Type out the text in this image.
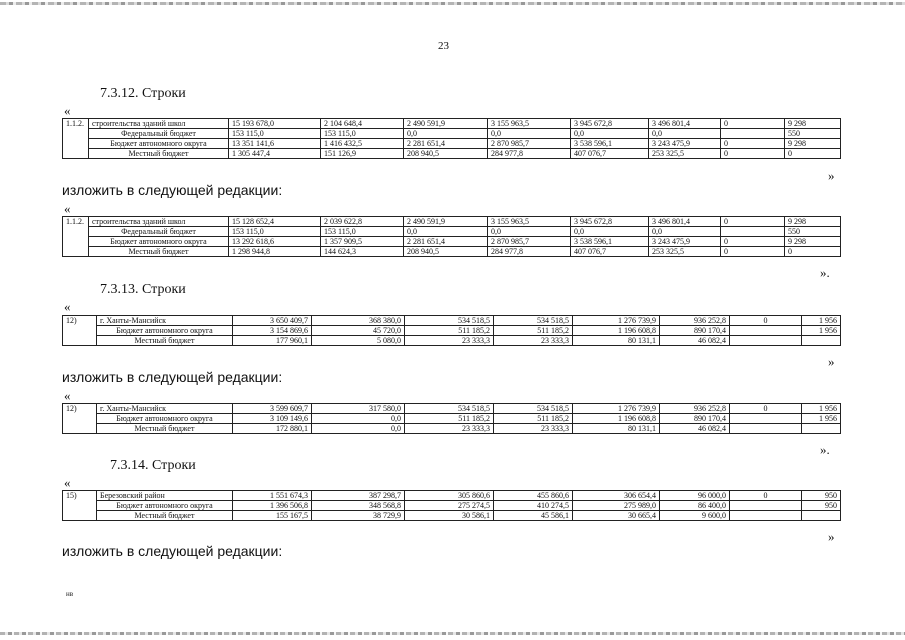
23
7.3.12. Строки
«
1.1.2.	строительства зданий школ	15 193 678,0	2 104 648,4	2 490 591,9	3 155 963,5	3 945 672,8	3 496 801,4	0	9 298
	Федеральный бюджет	153 115,0	153 115,0	0,0	0,0	0,0	0,0		550
	Бюджет автономного округа	13 351 141,6	1 416 432,5	2 281 651,4	2 870 985,7	3 538 596,1	3 243 475,9	0	9 298
	Местный бюджет	1 305 447,4	151 126,9	208 940,5	284 977,8	407 076,7	253 325,5	0	0
»
изложить в следующей редакции:
«
1.1.2.	строительства зданий школ	15 128 652,4	2 039 622,8	2 490 591,9	3 155 963,5	3 945 672,8	3 496 801,4	0	9 298
	Федеральный бюджет	153 115,0	153 115,0	0,0	0,0	0,0	0,0		550
	Бюджет автономного округа	13 292 618,6	1 357 909,5	2 281 651,4	2 870 985,7	3 538 596,1	3 243 475,9	0	9 298
	Местный бюджет	1 298 944,8	144 624,3	208 940,5	284 977,8	407 076,7	253 325,5	0	0
».
7.3.13. Строки
«
12)	г. Ханты-Мансийск	3 650 409,7	368 380,0	534 518,5	534 518,5	1 276 739,9	936 252,8	0	1 956
	Бюджет автономного округа	3 154 869,6	45 720,0	511 185,2	511 185,2	1 196 608,8	890 170,4		1 956
	Местный бюджет	177 960,1	5 080,0	23 333,3	23 333,3	80 131,1	46 082,4		
»
изложить в следующей редакции:
«
12)	г. Ханты-Мансийск	3 599 609,7	317 580,0	534 518,5	534 518,5	1 276 739,9	936 252,8	0	1 956
	Бюджет автономного округа	3 109 149,6	0,0	511 185,2	511 185,2	1 196 608,8	890 170,4		1 956
	Местный бюджет	172 880,1	0,0	23 333,3	23 333,3	80 131,1	46 082,4		
».
7.3.14. Строки
«
15)	Березовский район	1 551 674,3	387 298,7	305 860,6	455 860,6	306 654,4	96 000,0	0	950
	Бюджет автономного округа	1 396 506,8	348 568,8	275 274,5	410 274,5	275 989,0	86 400,0		950
	Местный бюджет	155 167,5	38 729,9	30 586,1	45 586,1	30 665,4	9 600,0		
»
изложить в следующей редакции:
нв
